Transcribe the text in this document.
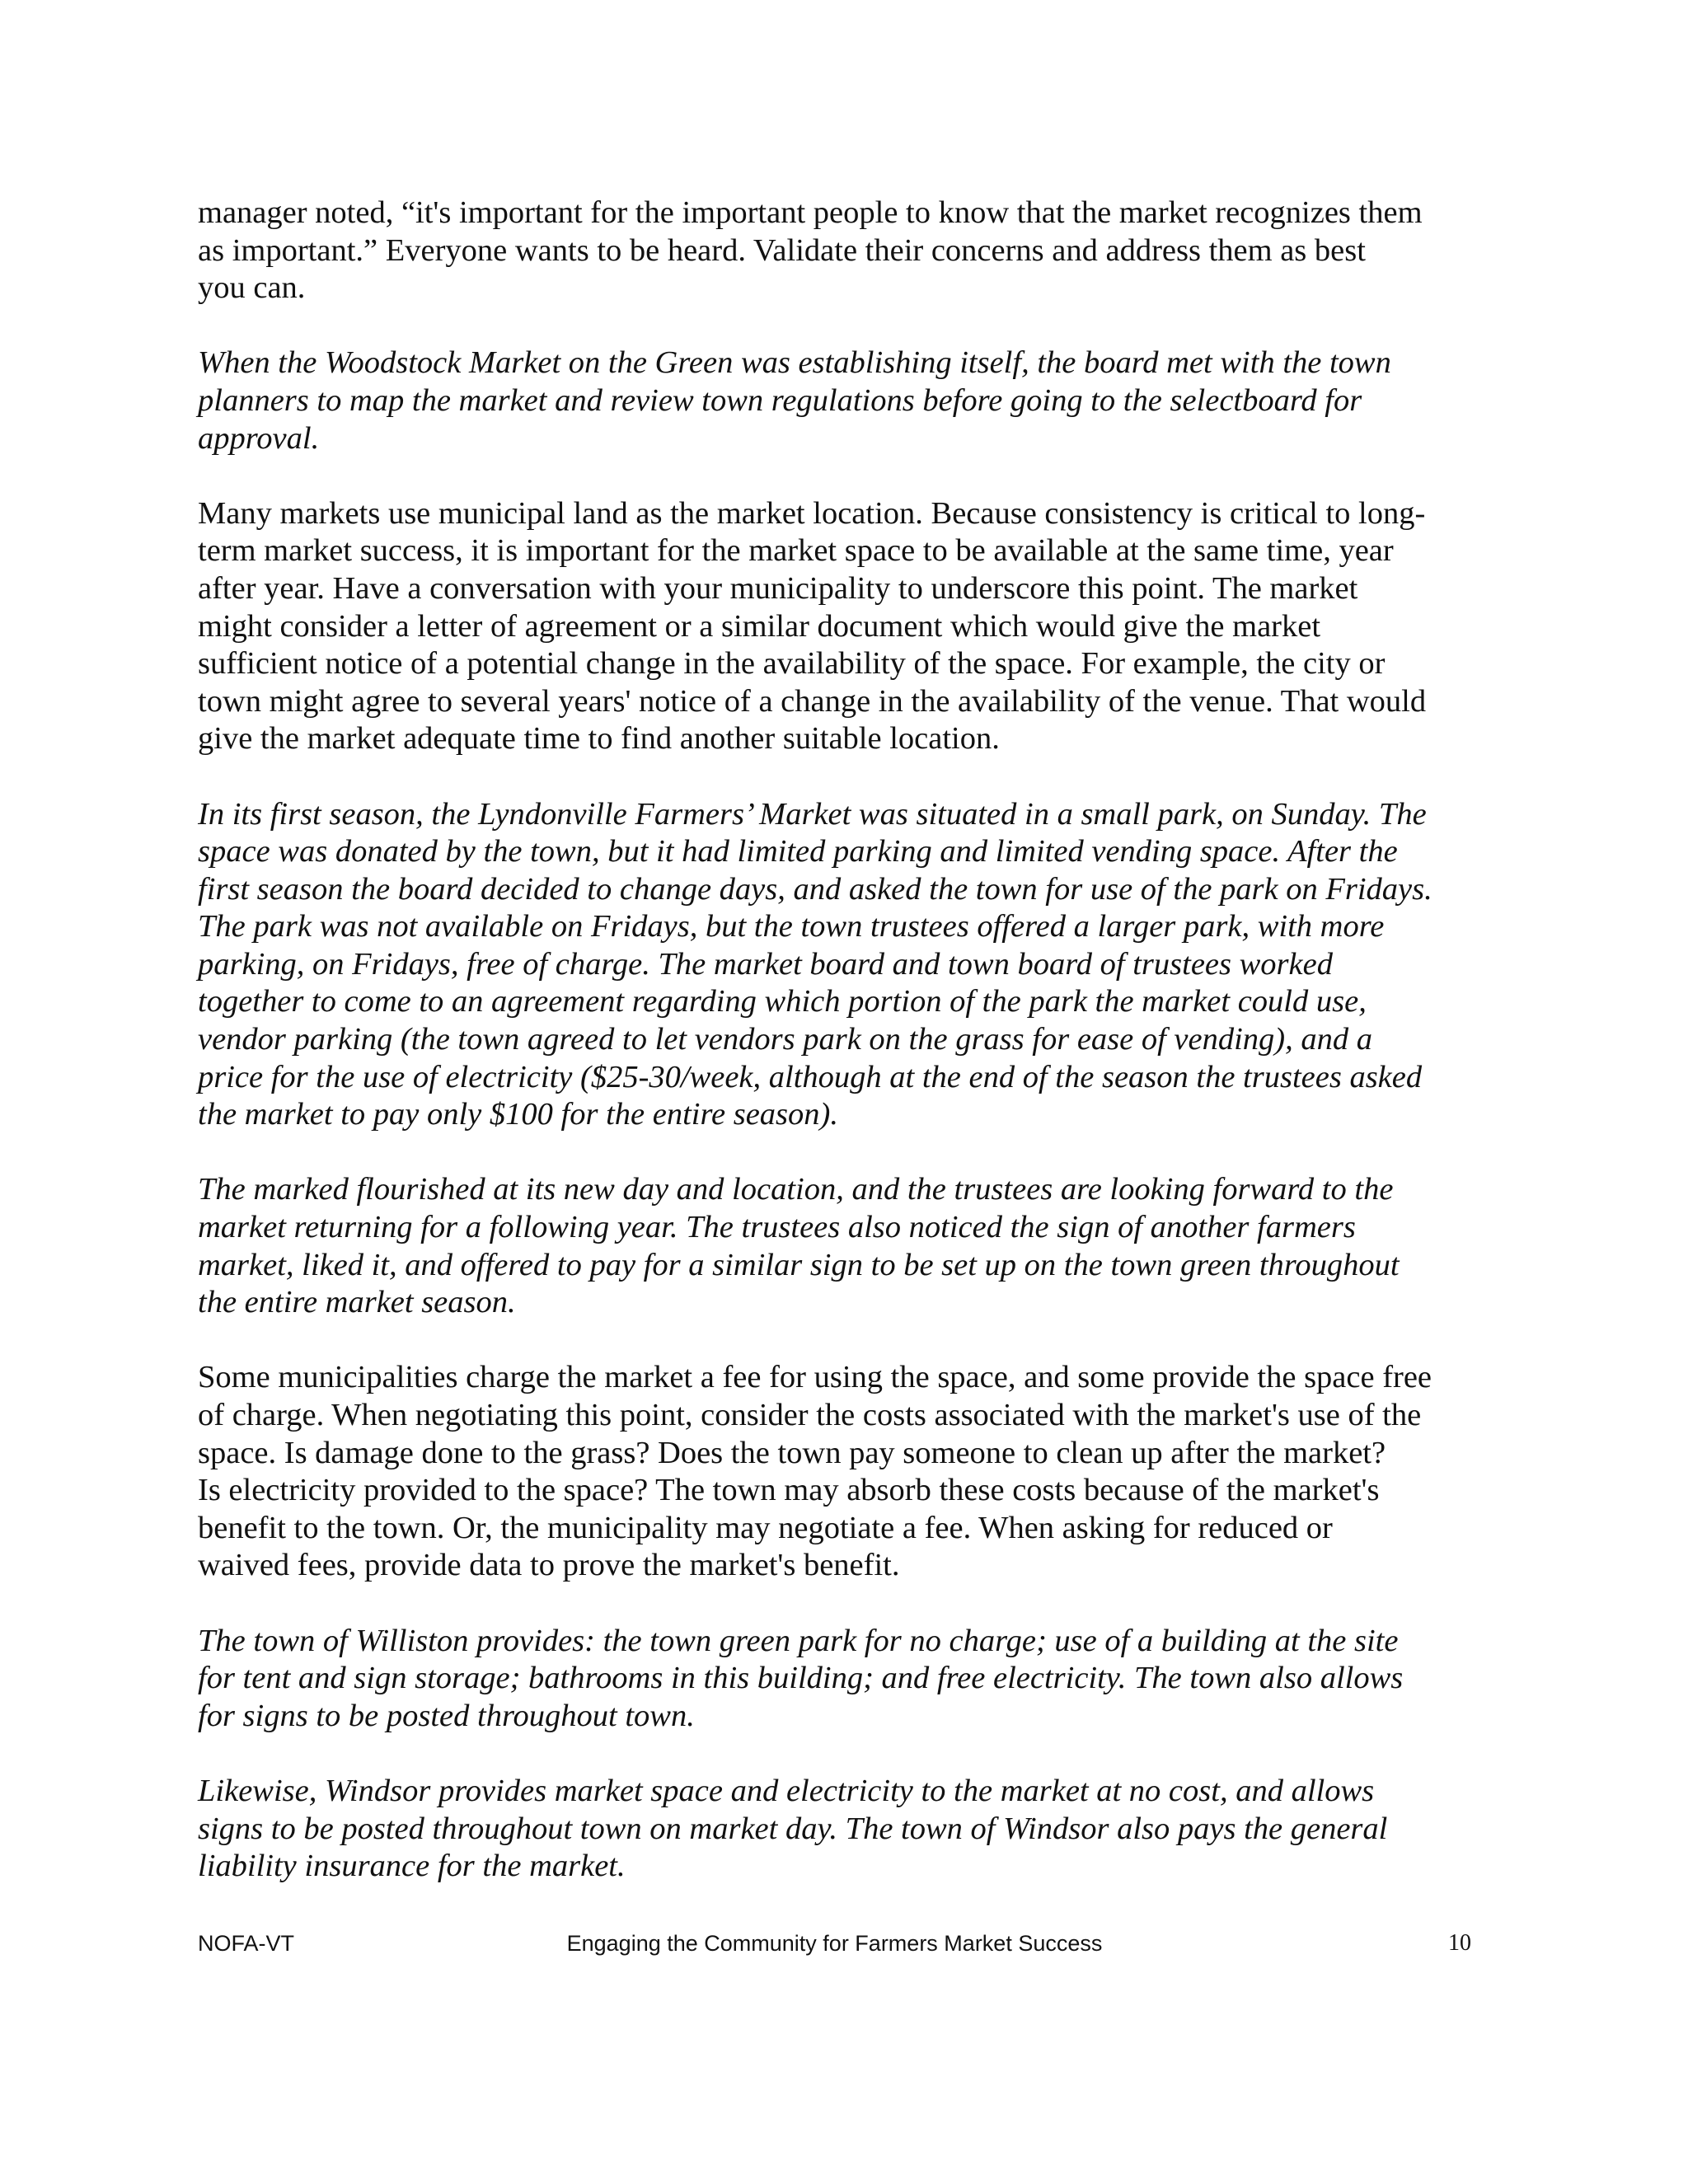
manager noted, “it's important for the important people to know that the market recognizes them
as important.” Everyone wants to be heard. Validate their concerns and address them as best
you can.

When the Woodstock Market on the Green was establishing itself, the board met with the town
planners to map the market and review town regulations before going to the selectboard for
approval.

Many markets use municipal land as the market location. Because consistency is critical to long-
term market success, it is important for the market space to be available at the same time, year
after year. Have a conversation with your municipality to underscore this point. The market
might consider a letter of agreement or a similar document which would give the market
sufficient notice of a potential change in the availability of the space. For example, the city or
town might agree to several years' notice of a change in the availability of the venue. That would
give the market adequate time to find another suitable location.

In its first season, the Lyndonville Farmers’ Market was situated in a small park, on Sunday. The
space was donated by the town, but it had limited parking and limited vending space. After the
first season the board decided to change days, and asked the town for use of the park on Fridays.
The park was not available on Fridays, but the town trustees offered a larger park, with more
parking, on Fridays, free of charge. The market board and town board of trustees worked
together to come to an agreement regarding which portion of the park the market could use,
vendor parking (the town agreed to let vendors park on the grass for ease of vending), and a
price for the use of electricity ($25-30/week, although at the end of the season the trustees asked
the market to pay only $100 for the entire season).

The marked flourished at its new day and location, and the trustees are looking forward to the
market returning for a following year. The trustees also noticed the sign of another farmers
market, liked it, and offered to pay for a similar sign to be set up on the town green throughout
the entire market season.

Some municipalities charge the market a fee for using the space, and some provide the space free
of charge. When negotiating this point, consider the costs associated with the market's use of the
space. Is damage done to the grass? Does the town pay someone to clean up after the market?
Is electricity provided to the space? The town may absorb these costs because of the market's
benefit to the town. Or, the municipality may negotiate a fee. When asking for reduced or
waived fees, provide data to prove the market's benefit.

The town of Williston provides: the town green park for no charge; use of a building at the site
for tent and sign storage; bathrooms in this building; and free electricity. The town also allows
for signs to be posted throughout town.

Likewise, Windsor provides market space and electricity to the market at no cost, and allows
signs to be posted throughout town on market day. The town of Windsor also pays the general
liability insurance for the market.

NOFA-VT	Engaging the Community for Farmers Market Success	10
